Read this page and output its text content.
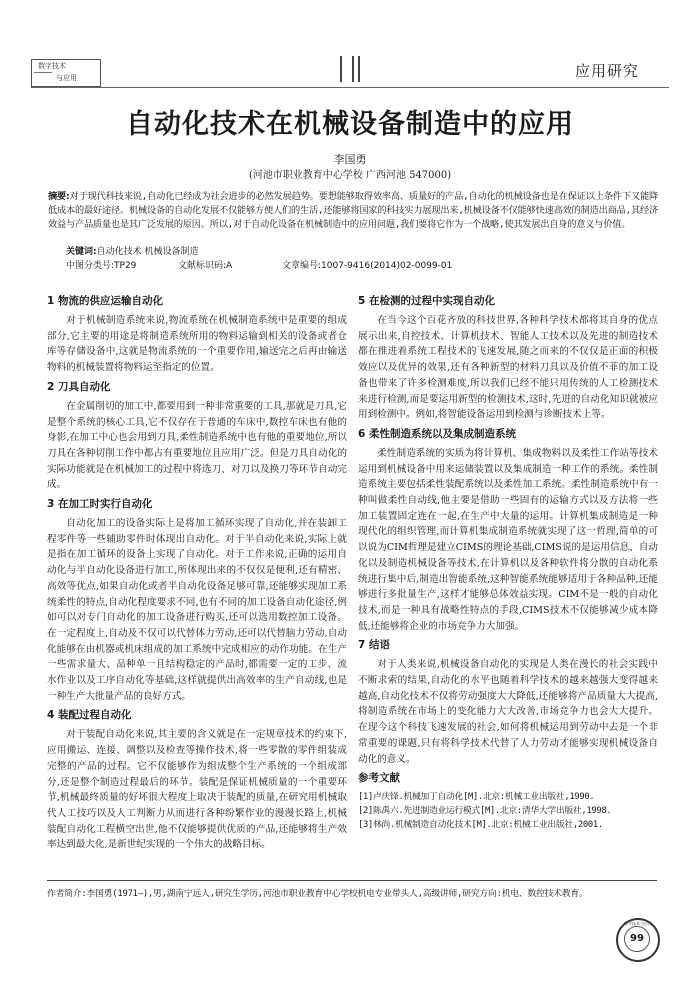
数字技术
与应用	应用研究
自动化技术在机械设备制造中的应用
李国勇
(河池市职业教育中心学校 广西河池 547000)
摘要:对于现代科技来说,自动化已经成为社会进步的必然发展趋势。要想能够取得效率高、质量好的产品,自动化的机械设备也是在保证以上条件下又能降低成本的最好途径。机械设备的自动化发展不仅能够方便人们的生活,还能够将国家的科技实力展现出来,机械设备不仅能够快速高效的制造出商品,其经济效益与产品质量也是其广泛发展的原因。所以,对于自动化设备在机械制造中的应用问题,我们要将它作为一个战略,使其发展出自身的意义与价值。
关键词:自动化技术 机械设备制造
中图分类号:TP29	文献标识码:A	文章编号:1007-9416(2014)02-0099-01
1 物流的供应运输自动化

对于机械制造系统来说,物流系统在机械制造系统中是重要的组成部分,它主要的用途是将制造系统所用的物料运输到相关的设备或者仓库等存储设备中,这就是物流系统的一个重要作用,输送完之后再由输送物料的机械装置将物料运至指定的位置。

2 刀具自动化

在金属削切的加工中,都要用到一种非常重要的工具,那就是刀具,它是整个系统的核心工具,它不仅存在于普通的车床中,数控车床也有他的身影,在加工中心也会用到刀具,柔性制造系统中也有他的重要地位,所以刀具在各种切削工作中都占有重要地位且应用广泛。但是刀具自动化的实际功能就是在机械加工的过程中将选刀、对刀以及换刀等环节自动完成。

3 在加工时实行自动化

自动化加工的设备实际上是将加工循环实现了自动化,并在装卸工程零件等一些辅助零件时体现出自动化。对于半自动化来说,实际上就是指在加工循环的设备上实现了自动化。对于工作来说,正确的运用自动化与半自动化设备进行加工,所体现出来的不仅仅是便利,还有精密、高效等优点,如果自动化或者半自动化设备足够可靠,还能够实现加工系统柔性的特点,自动化程度要求不同,也有不同的加工设备自动化途径,例如可以对专门自动化的加工设备进行购买,还可以选用数控加工设备。在一定程度上,自动及不仅可以代替体力劳动,还可以代替脑力劳动,自动化能够在由机器或机床组成的加工系统中完成相应的动作功能。在生产一些需求量大、品种单一且结构稳定的产品时,都需要一定的工步、流水作业以及工序自动化等基础,这样就提供出高效率的生产自动线,也是一种生产大批量产品的良好方式。

4 装配过程自动化

对于装配自动化来说,其主要的含义就是在一定规章技术的约束下,应用搬运、连接、调整以及检查等操作技术,将一些零散的零件组装成完整的产品的过程。它不仅能够作为组成整个生产系统的一个组成部分,还是整个制造过程最后的环节。装配是保证机械质量的一个重要环节,机械最终质量的好坏很大程度上取决于装配的质量,在研究用机械取代人工技巧以及人工判断力从而进行各种纷繁作业的漫漫长路上,机械装配自动化工程横空出世,他不仅能够提供优质的产品,还能够将生产效率达到最大化,是新世纪实现的一个伟大的战略目标。

5 在检测的过程中实现自动化

在当今这个百花齐放的科技世界,各种科学技术都将其自身的优点展示出来,自控技术、计算机技术、智能人工技术以及先进的制造技术都在推进着系统工程技术的飞速发展,随之而来的不仅仅是正面的积极效应以及优异的效果,还有各种新型的材料刀具以及价值不菲的加工设备也带来了许多检测难度,所以我们已经不能只用传统的人工检测技术来进行检测,而是要运用新型的检测技术,这时,先进的自动化知识就被应用到检测中。例如,将智能设备运用到检测与诊断技术上等。

6 柔性制造系统以及集成制造系统

柔性制造系统的实质为将计算机、集成物料以及柔性工作站等技术运用到机械设备中用来运储装置以及集成制造一种工作的系统。柔性制造系统主要包括柔性装配系统以及柔性加工系统。柔性制造系统中有一种叫做柔性自动线,他主要是借助一些固有的运输方式以及方法将一些加工装置固定连在一起,在生产中大量的运用。计算机集成制造是一种现代化的组织管理,而计算机集成制造系统就实现了这一哲理,简单的可以说为CIM哲理是建立CIMS的理论基础,CIMS说的是运用信息、自动化以及制造机械设备等技术,在计算机以及各种软件将分散的自动化系统进行集中后,制造出智能系统,这种智能系统能够适用于各种品种,还能够进行多批量生产,这样才能够总体效益实现。CIM不是一般的自动化技术,而是一种具有战略性特点的手段,CIMS技术不仅能够减少成本降低,还能够将企业的市场竞争力大加强。

7 结语

对于人类来说,机械设备自动化的实现是人类在漫长的社会实践中不断求索的结果,自动化的水平也随着科学技术的越来越强大变得越来越高,自动化技术不仅将劳动强度大大降低,还能够将产品质量大大提高,将制造系统在市场上的变化能力大大改善,市场竞争力也会大大提升。在现今这个科技飞速发展的社会,如何将机械运用到劳动中去是一个非常重要的课题,只有将科学技术代替了人力劳动才能够实现机械设备自动化的意义。

参考文献
[1]卢庆锋.机械加丁自动化[M].北京:机械工业出版社,1990.
[2]陈禹六.先进制造业运行模式[M].北京:清华大学出版社,1998.
[3]林尚.机械制造自动化技术[M].北京:机械工业出版社,2001.
作者简介:李国勇(1971—),男,湖南宁远人,研究生学历,河池市职业教育中心学校机电专业带头人,高级讲师,研究方向:机电、数控技术教育。
数字技术与应用
99
